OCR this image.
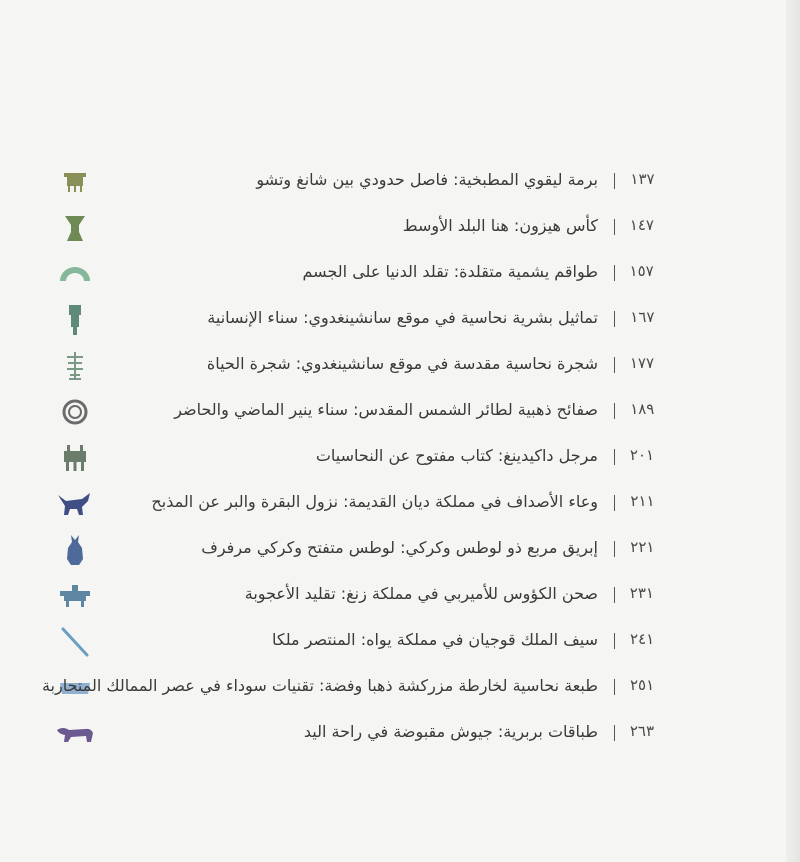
برمة ليقوي المطبخية: فاصل حدودي بين شانغ وتشو ١٣٧
كأس هيزون: هنا البلد الأوسط ١٤٧
طواقم يشمية متقلدة: تقلد الدنيا على الجسم ١٥٧
تماثيل بشرية نحاسية في موقع سانشينغدوي: سناء الإنسانية ١٦٧
شجرة نحاسية مقدسة في موقع سانشينغدوي: شجرة الحياة ١٧٧
صفائح ذهبية لطائر الشمس المقدس: سناء ينير الماضي والحاضر ١٨٩
مرجل داكيدينغ: كتاب مفتوح عن النحاسيات ٢٠١
وعاء الأصداف في مملكة ديان القديمة: نزول البقرة والبر عن المذبح ٢١١
إبريق مربع ذو لوطس وكركي: لوطس متفتح وكركي مرفرف ٢٢١
صحن الكؤوس للأميربي في مملكة زنغ: تقليد الأعجوبة ٢٣١
سيف الملك قوجيان في مملكة يواه: المنتصر ملكا ٢٤١
طبعة نحاسية لخارطة مزركشة ذهبا وفضة: تقنيات سوداء في عصر الممالك المتحاربة ٢٥١
طباقات بربرية: جيوش مقبوضة في راحة اليد ٢٦٣
